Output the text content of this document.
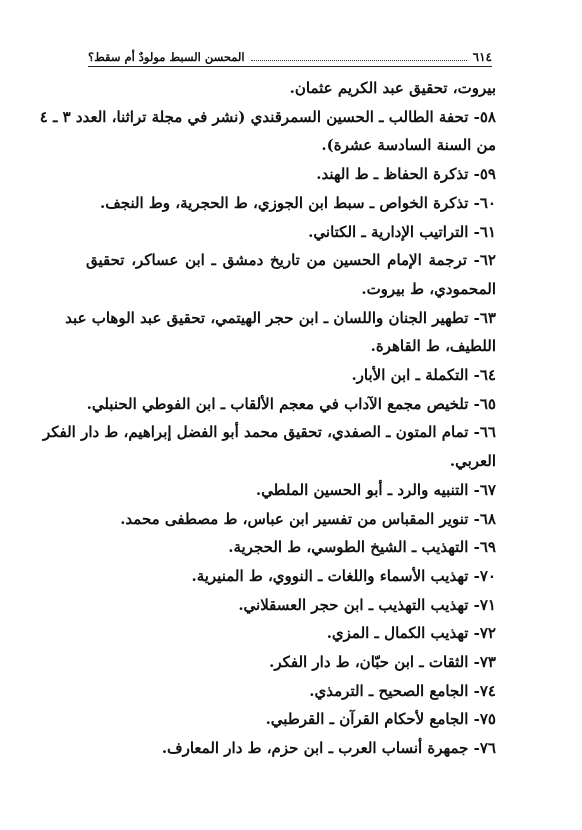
٦١٤
المحسن السبط مولودٌ أم سقط؟
بيروت، تحقيق عبد الكريم عثمان.
٥٨- تحفة الطالب ـ الحسين السمرقندي (نشر في مجلة تراثنا، العدد ٣ ـ ٤
من السنة السادسة عشرة).
٥٩- تذكرة الحفاظ ـ ط الهند.
٦٠- تذكرة الخواص ـ سبط ابن الجوزي، ط الحجرية، وط النجف.
٦١- التراتيب الإدارية ـ الكتاني.
٦٢- ترجمة الإمام الحسين من تاريخ دمشق ـ ابن عساكر، تحقيق
المحمودي، ط بيروت.
٦٣- تطهير الجنان واللسان ـ ابن حجر الهيتمي، تحقيق عبد الوهاب عبد
اللطيف، ط القاهرة.
٦٤- التكملة ـ ابن الأبار.
٦٥- تلخيص مجمع الآداب في معجم الألقاب ـ ابن الفوطي الحنبلي.
٦٦- تمام المتون ـ الصفدي، تحقيق محمد أبو الفضل إبراهيم، ط دار الفكر
العربي.
٦٧- التنبيه والرد ـ أبو الحسين الملطي.
٦٨- تنوير المقباس من تفسير ابن عباس، ط مصطفى محمد.
٦٩- التهذيب ـ الشيخ الطوسي، ط الحجرية.
٧٠- تهذيب الأسماء واللغات ـ النووي، ط المنيرية.
٧١- تهذيب التهذيب ـ ابن حجر العسقلاني.
٧٢- تهذيب الكمال ـ المزي.
٧٣- الثقات ـ ابن حبّان، ط دار الفكر.
٧٤- الجامع الصحيح ـ الترمذي.
٧٥- الجامع لأحكام القرآن ـ القرطبي.
٧٦- جمهرة أنساب العرب ـ ابن حزم، ط دار المعارف.
